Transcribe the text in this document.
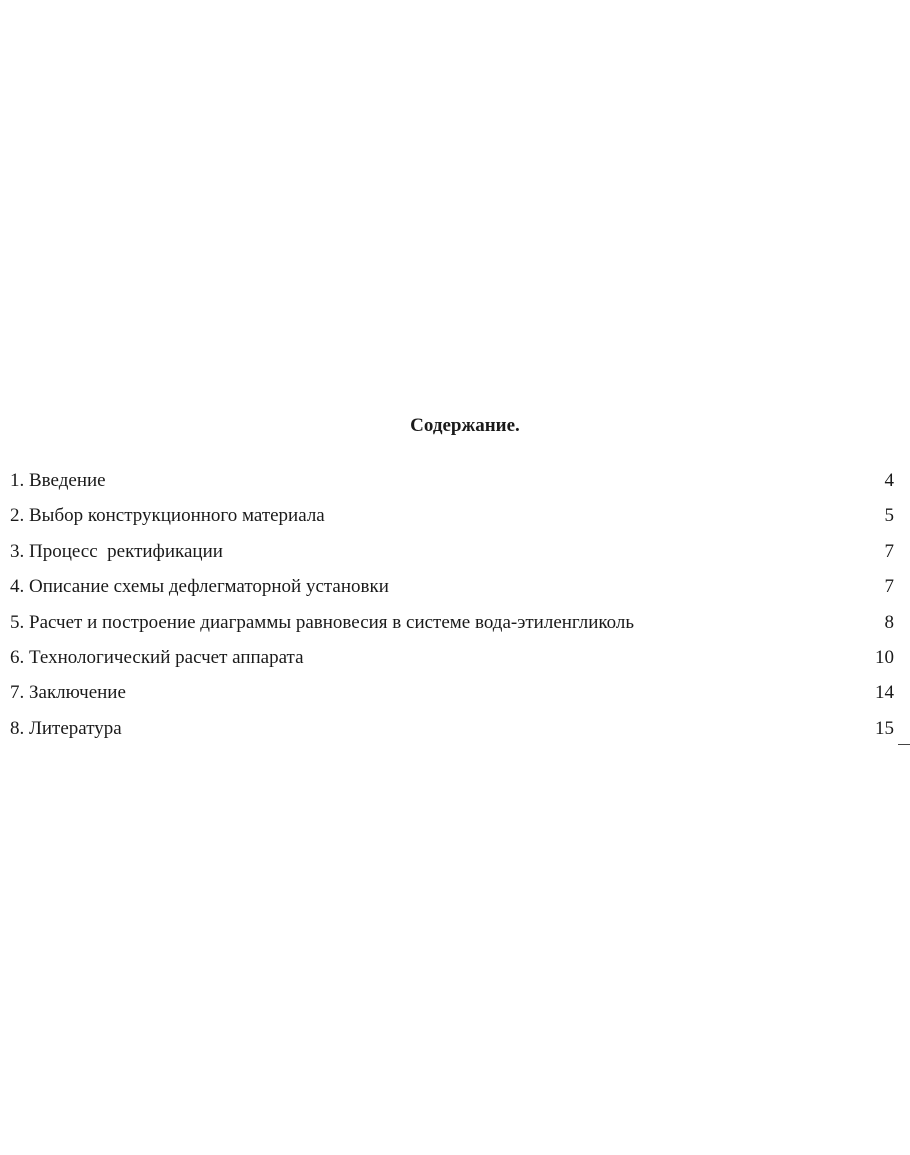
Содержание.
1. Введение	4
2. Выбор конструкционного материала	5
3. Процесс  ректификации	7
4. Описание схемы дефлегматорной установки	7
5. Расчет и построение диаграммы равновесия в системе вода-этиленгликоль	8
6. Технологический расчет аппарата	10
7. Заключение	14
8. Литература	15
